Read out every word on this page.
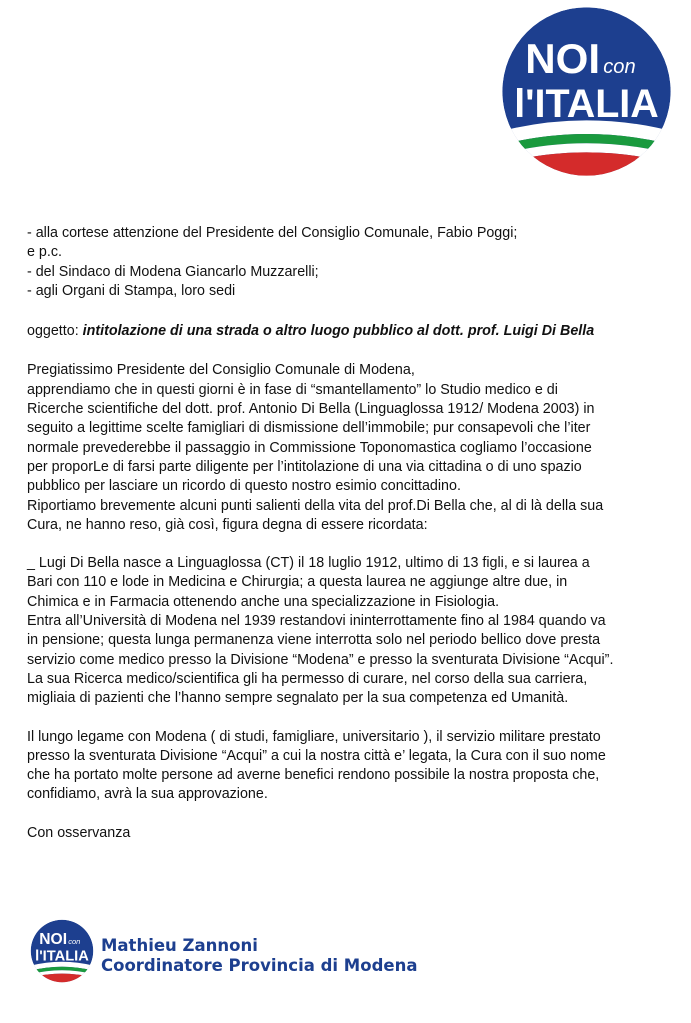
NOI con
l'ITALIA

- alla cortese attenzione del Presidente del Consiglio Comunale, Fabio Poggi;

e p.c.

- del Sindaco di Modena Giancarlo Muzzarelli;

- agli Organi di Stampa, loro sedi

oggetto: intitolazione di una strada o altro luogo pubblico al dott. prof. Luigi Di Bella

Pregiatissimo Presidente del Consiglio Comunale di Modena,

apprendiamo che in questi giorni è in fase di “smantellamento” lo Studio medico e di

Ricerche scientifiche del dott. prof. Antonio Di Bella (Linguaglossa 1912/ Modena 2003) in

seguito a legittime scelte famigliari di dismissione dell’immobile; pur consapevoli che l’iter

normale prevederebbe il passaggio in Commissione Toponomastica cogliamo l’occasione

per proporLe di farsi parte diligente per l’intitolazione di una via cittadina o di uno spazio

pubblico per lasciare un ricordo di questo nostro esimio concittadino.

Riportiamo brevemente alcuni punti salienti della vita del prof.Di Bella che, al di là della sua

Cura, ne hanno reso, già così, figura degna di essere ricordata:

_ Lugi Di Bella nasce a Linguaglossa (CT) il 18 luglio 1912, ultimo di 13 figli, e si laurea a

Bari con 110 e lode in Medicina e Chirurgia; a questa laurea ne aggiunge altre due, in

Chimica e in Farmacia ottenendo anche una specializzazione in Fisiologia.

Entra all’Università di Modena nel 1939 restandovi ininterrottamente fino al 1984 quando va

in pensione; questa lunga permanenza viene interrotta solo nel periodo bellico dove presta

servizio come medico presso la Divisione “Modena” e presso la sventurata Divisione “Acqui”.

La sua Ricerca medico/scientifica gli ha permesso di curare, nel corso della sua carriera,

migliaia di pazienti che l’hanno sempre segnalato per la sua competenza ed Umanità.

Il lungo legame con Modena ( di studi, famigliare, universitario ), il servizio militare prestato

presso la sventurata Divisione “Acqui” a cui la nostra città e’ legata, la Cura con il suo nome

che ha portato molte persone ad averne benefici rendono possibile la nostra proposta che,

confidiamo, avrà la sua approvazione.

Con osservanza

NOI con
l'ITALIA
Mathieu Zannoni
Coordinatore Provincia di Modena
